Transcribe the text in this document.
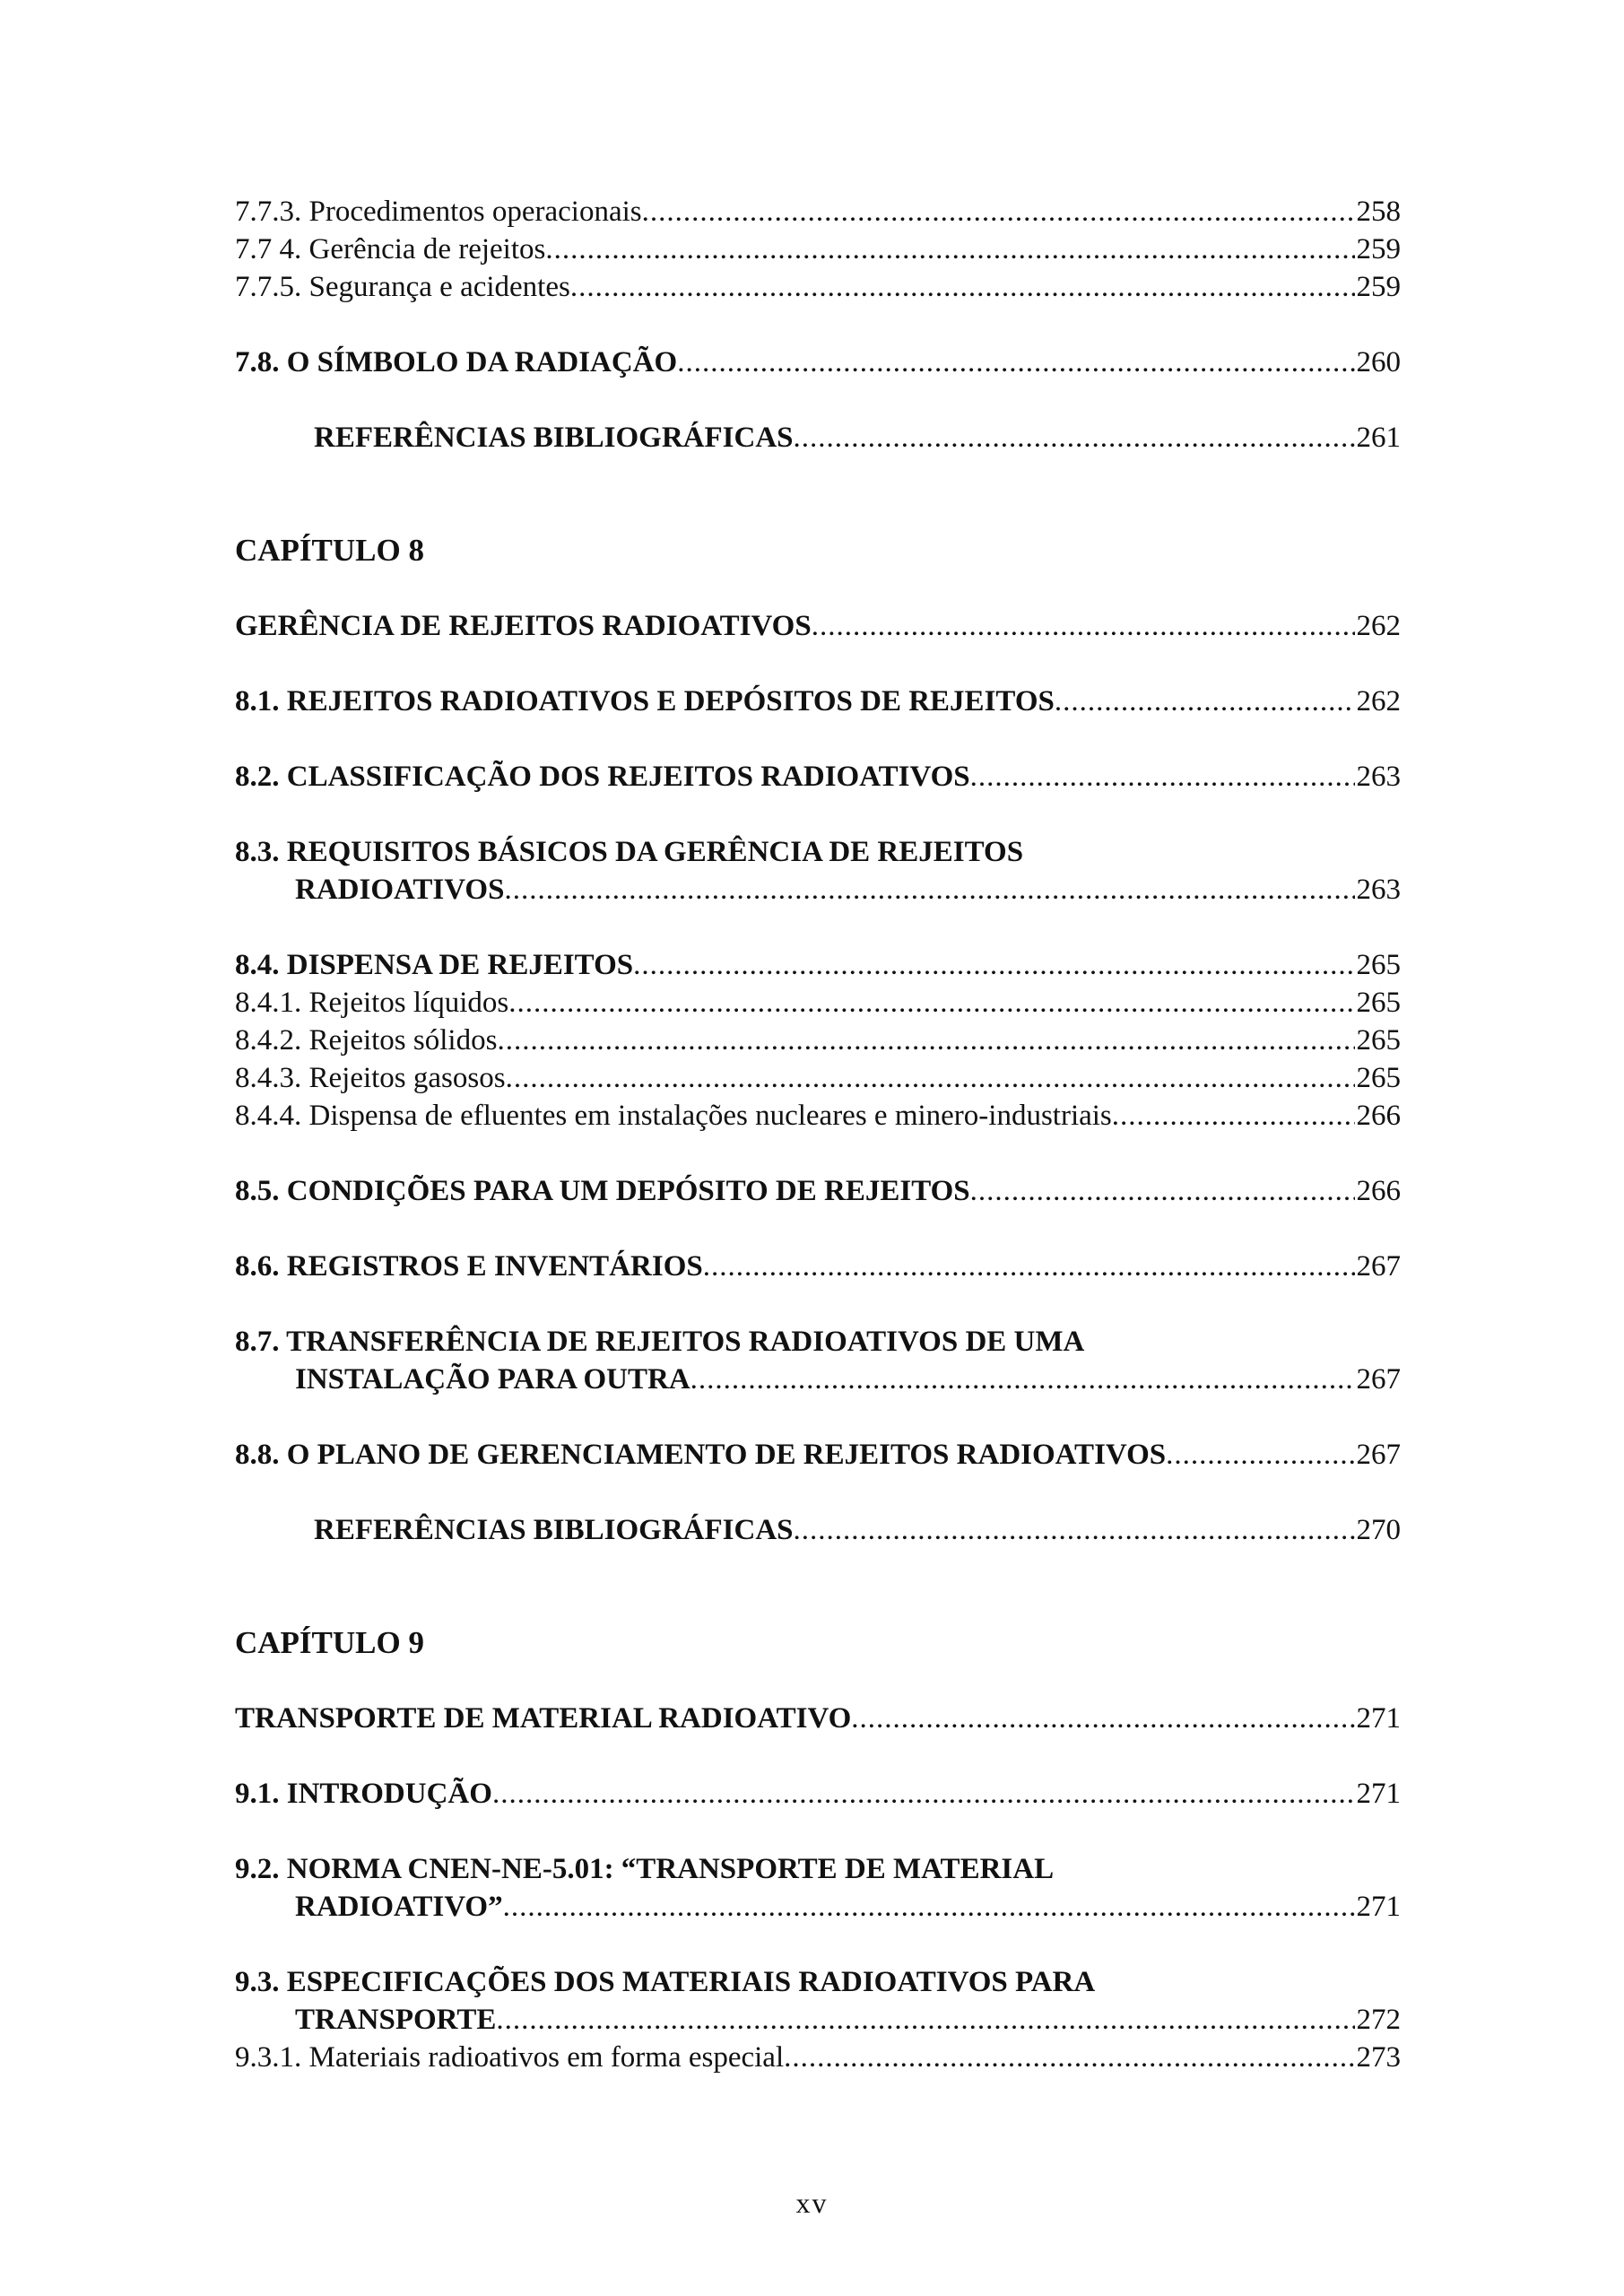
7.7.3. Procedimentos operacionais .....	258
7.7 4. Gerência de rejeitos .....	259
7.7.5. Segurança e acidentes .....	259
7.8. O SÍMBOLO DA RADIAÇÃO .....	260
REFERÊNCIAS BIBLIOGRÁFICAS .....	261
CAPÍTULO 8
GERÊNCIA DE REJEITOS RADIOATIVOS .....	262
8.1. REJEITOS RADIOATIVOS E DEPÓSITOS DE REJEITOS .....	262
8.2. CLASSIFICAÇÃO DOS REJEITOS RADIOATIVOS .....	263
8.3. REQUISITOS BÁSICOS DA GERÊNCIA DE REJEITOS
RADIOATIVOS .....	263
8.4. DISPENSA DE REJEITOS .....	265
8.4.1. Rejeitos líquidos .....	265
8.4.2. Rejeitos sólidos .....	265
8.4.3. Rejeitos gasosos .....	265
8.4.4. Dispensa de efluentes em instalações nucleares e minero-industriais .....	266
8.5. CONDIÇÕES PARA UM DEPÓSITO DE REJEITOS .....	266
8.6. REGISTROS E INVENTÁRIOS .....	267
8.7. TRANSFERÊNCIA DE REJEITOS RADIOATIVOS DE UMA
INSTALAÇÃO PARA OUTRA .....	267
8.8. O PLANO DE GERENCIAMENTO DE REJEITOS RADIOATIVOS .....	267
REFERÊNCIAS BIBLIOGRÁFICAS .....	270
CAPÍTULO 9
TRANSPORTE DE MATERIAL RADIOATIVO .....	271
9.1. INTRODUÇÃO .....	271
9.2. NORMA CNEN-NE-5.01: “TRANSPORTE DE MATERIAL
RADIOATIVO” .....	271
9.3. ESPECIFICAÇÕES DOS MATERIAIS RADIOATIVOS PARA
TRANSPORTE .....	272
9.3.1. Materiais radioativos em forma especial .....	273
xv
